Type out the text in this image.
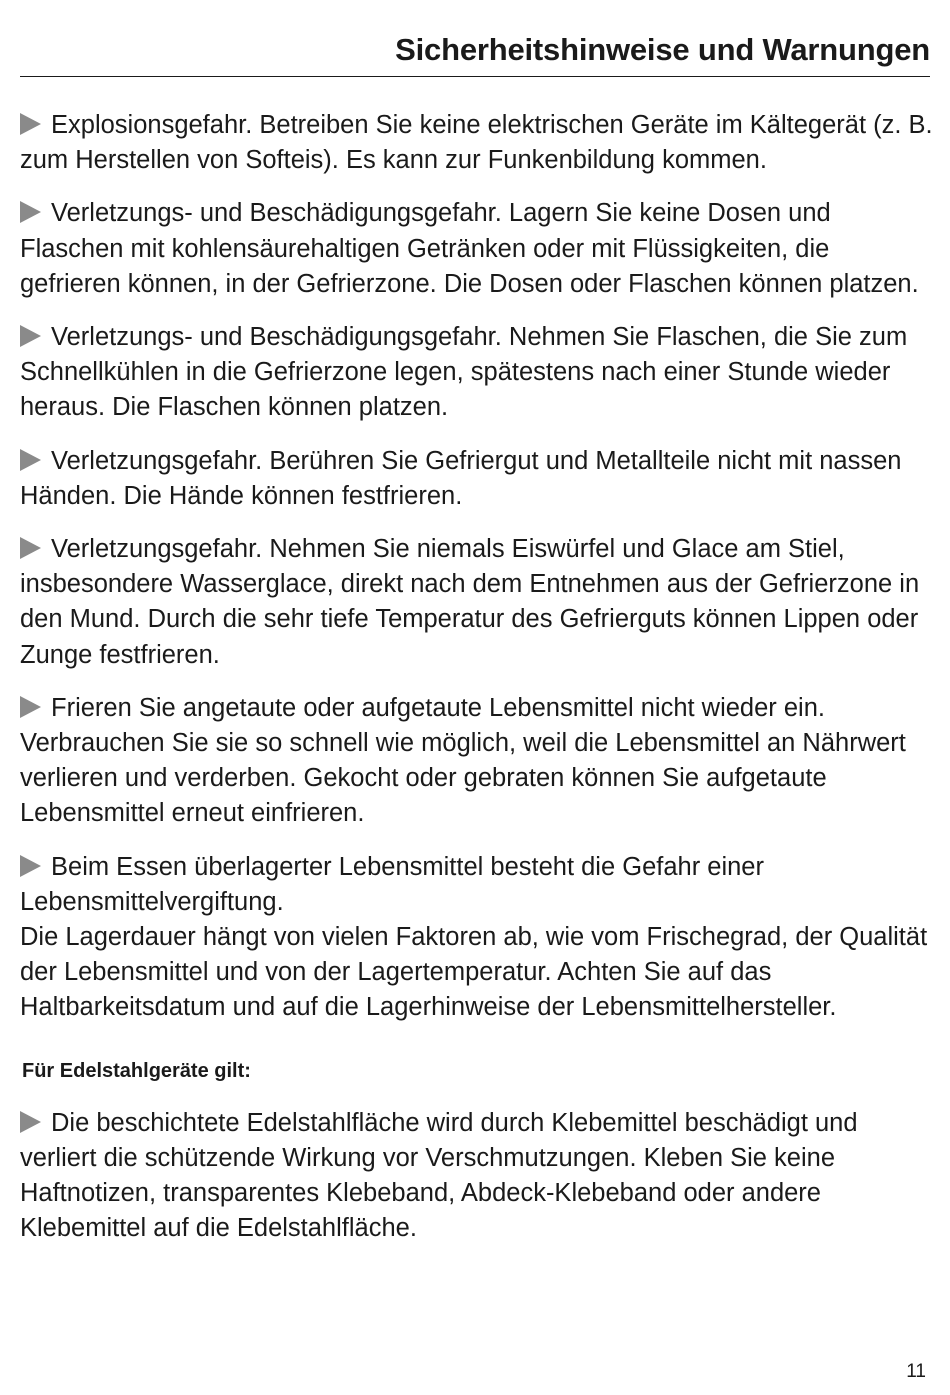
Sicherheitshinweise und Warnungen

Explosionsgefahr. Betreiben Sie keine elektrischen Geräte im Kältegerät (z. B. zum Herstellen von Softeis). Es kann zur Funkenbildung kommen.

Verletzungs- und Beschädigungsgefahr. Lagern Sie keine Dosen und Flaschen mit kohlensäurehaltigen Getränken oder mit Flüssigkeiten, die gefrieren können, in der Gefrierzone. Die Dosen oder Flaschen können platzen.

Verletzungs- und Beschädigungsgefahr. Nehmen Sie Flaschen, die Sie zum Schnellkühlen in die Gefrierzone legen, spätestens nach einer Stunde wieder heraus. Die Flaschen können platzen.

Verletzungsgefahr. Berühren Sie Gefriergut und Metallteile nicht mit nassen Händen. Die Hände können festfrieren.

Verletzungsgefahr. Nehmen Sie niemals Eiswürfel und Glace am Stiel, insbesondere Wasserglace, direkt nach dem Entnehmen aus der Gefrierzone in den Mund. Durch die sehr tiefe Temperatur des Gefrierguts können Lippen oder Zunge festfrieren.

Frieren Sie angetaute oder aufgetaute Lebensmittel nicht wieder ein. Verbrauchen Sie sie so schnell wie möglich, weil die Lebensmittel an Nährwert verlieren und verderben. Gekocht oder gebraten können Sie aufgetaute Lebensmittel erneut einfrieren.

Beim Essen überlagerter Lebensmittel besteht die Gefahr einer Lebensmittelvergiftung.
Die Lagerdauer hängt von vielen Faktoren ab, wie vom Frischegrad, der Qualität der Lebensmittel und von der Lagertemperatur. Achten Sie auf das Haltbarkeitsdatum und auf die Lagerhinweise der Lebensmittelhersteller.

Für Edelstahlgeräte gilt:

Die beschichtete Edelstahlfläche wird durch Klebemittel beschädigt und verliert die schützende Wirkung vor Verschmutzungen. Kleben Sie keine Haftnotizen, transparentes Klebeband, Abdeck-Klebeband oder andere Klebemittel auf die Edelstahlfläche.

11
